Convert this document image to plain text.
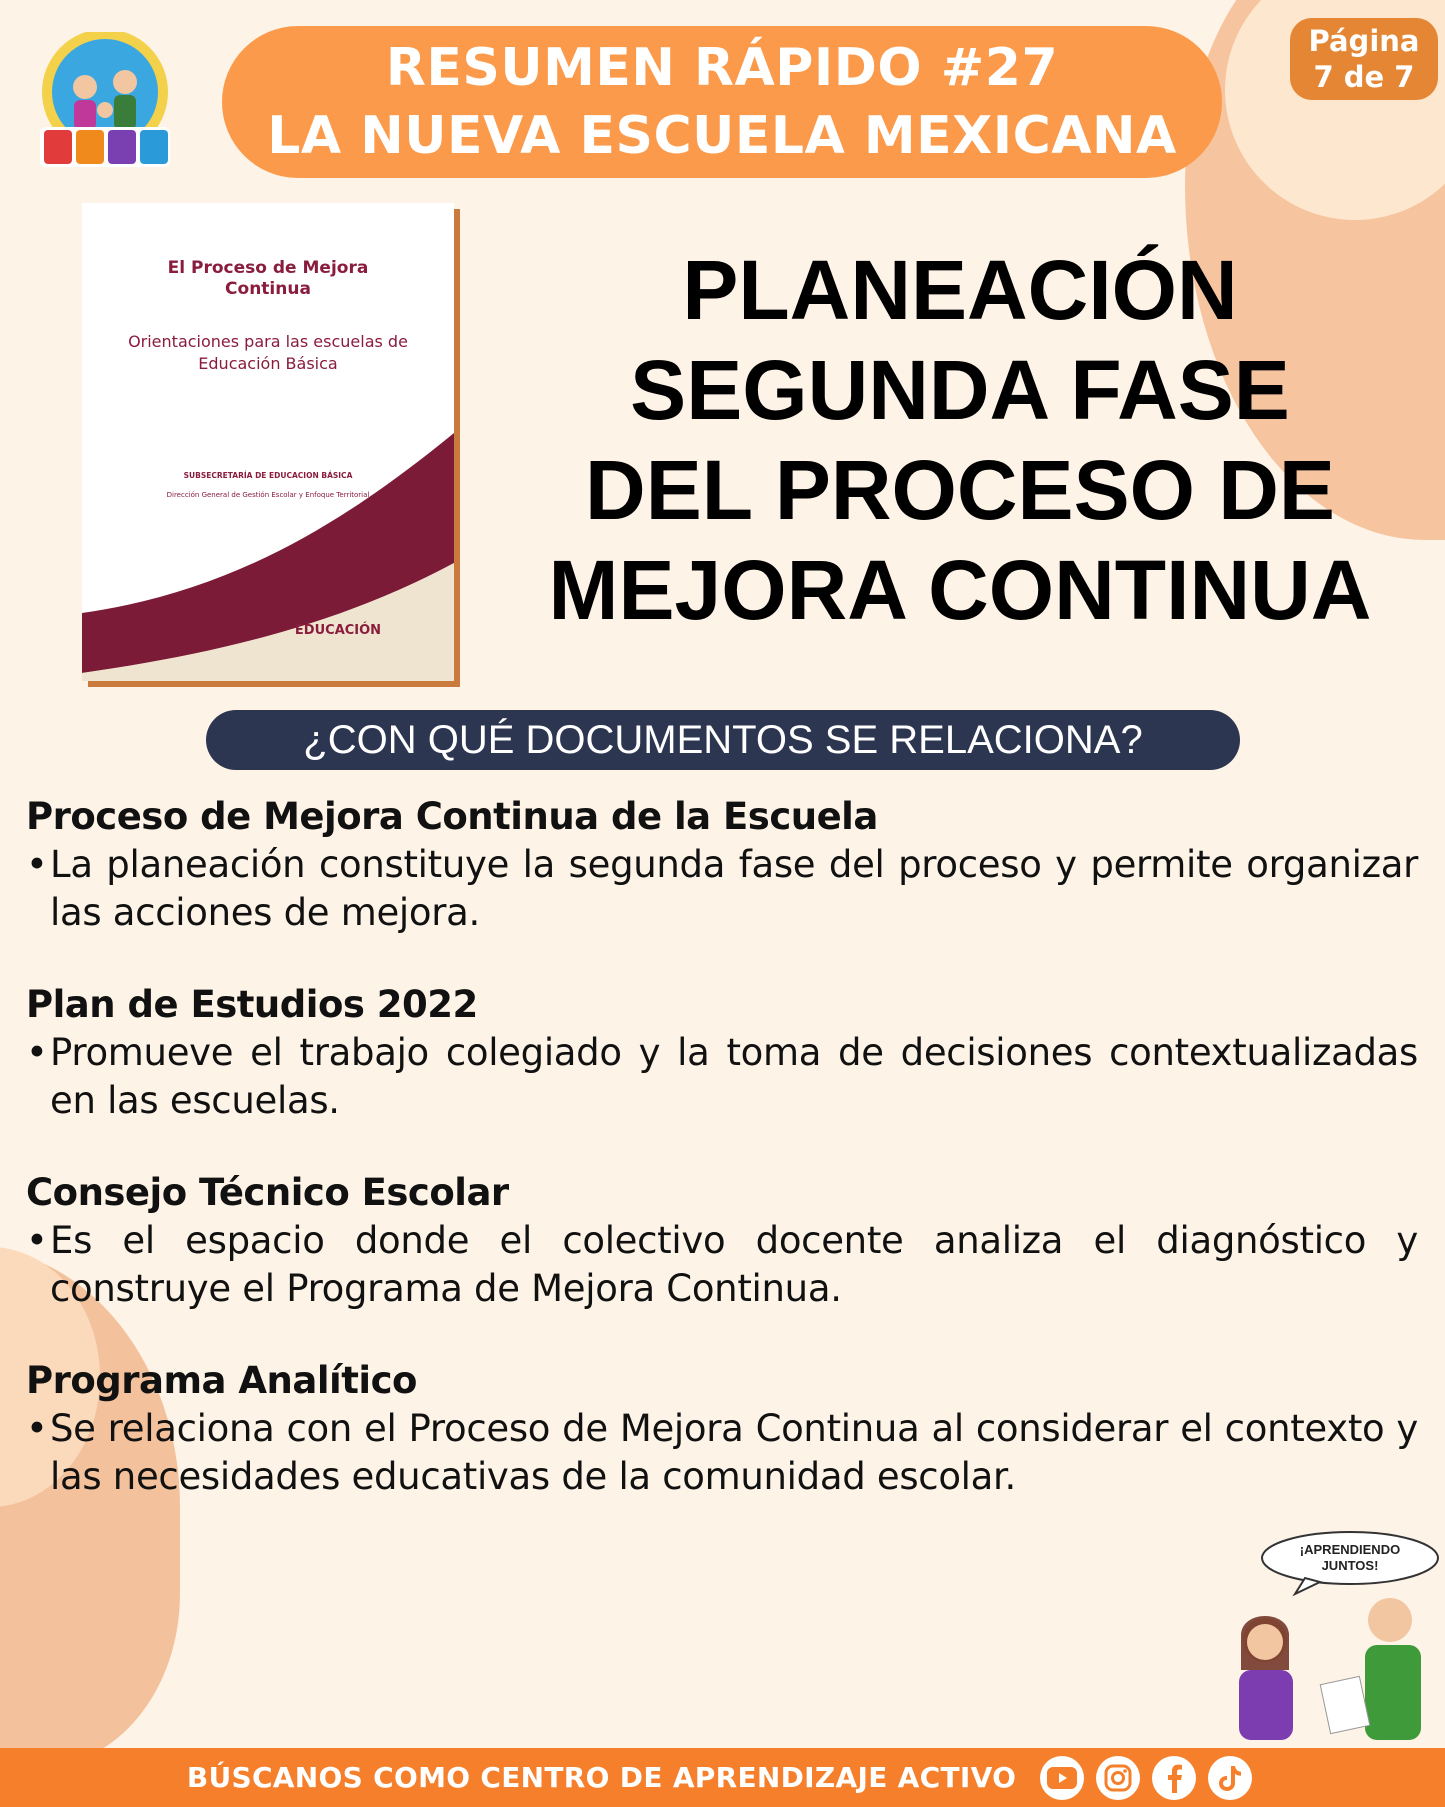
RESUMEN RÁPIDO #27
LA NUEVA ESCUELA MEXICANA
Página
7 de 7
El Proceso de Mejora Continua
Orientaciones para las escuelas de Educación Básica
SUBSECRETARÍA DE EDUCACION BÁSICA
Dirección General de Gestión Escolar y Enfoque Territorial
EDUCACIÓN
PLANEACIÓN
SEGUNDA FASE
DEL PROCESO DE
MEJORA CONTINUA
¿CON QUÉ DOCUMENTOS SE RELACIONA?
Proceso de Mejora Continua de la Escuela
• La planeación constituye la segunda fase del proceso y permite organizar las acciones de mejora.
Plan de Estudios 2022
• Promueve el trabajo colegiado y la toma de decisiones contextualizadas en las escuelas.
Consejo Técnico Escolar
• Es el espacio donde el colectivo docente analiza el diagnóstico y construye el Programa de Mejora Continua.
Programa Analítico
• Se relaciona con el Proceso de Mejora Continua al considerar el contexto y las necesidades educativas de la comunidad escolar.
¡APRENDIENDO
JUNTOS!
BÚSCANOS COMO CENTRO DE APRENDIZAJE ACTIVO
